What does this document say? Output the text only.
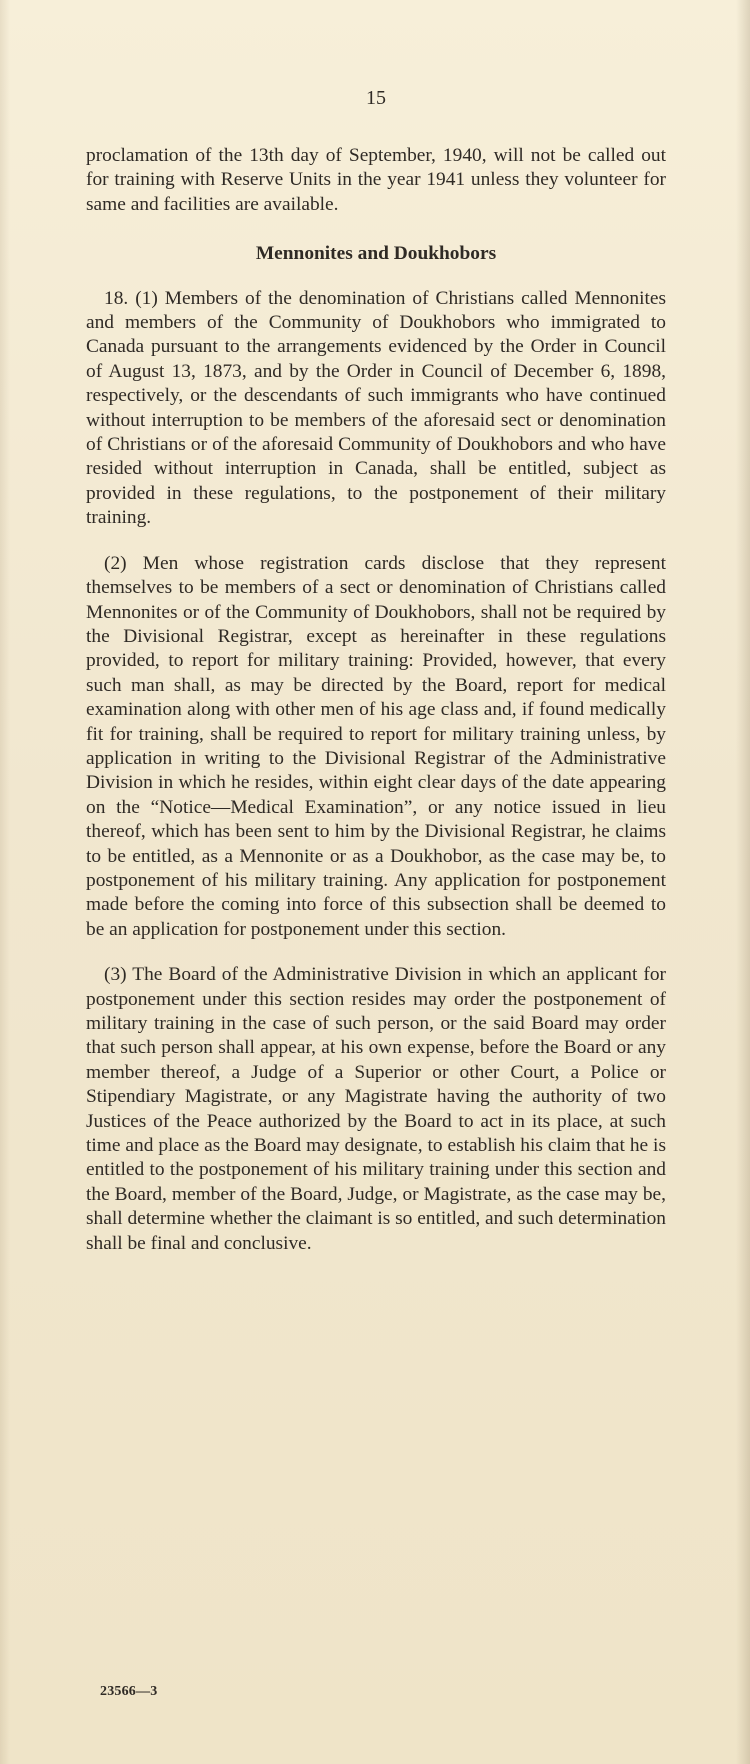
15

proclamation of the 13th day of September, 1940, will not be called out for training with Reserve Units in the year 1941 unless they volunteer for same and facilities are available.

Mennonites and Doukhobors

18. (1) Members of the denomination of Christians called Mennonites and members of the Community of Doukhobors who immigrated to Canada pursuant to the arrangements evidenced by the Order in Council of August 13, 1873, and by the Order in Council of December 6, 1898, respectively, or the descendants of such immigrants who have continued without interruption to be members of the aforesaid sect or denomination of Christians or of the aforesaid Community of Doukhobors and who have resided without interruption in Canada, shall be entitled, subject as provided in these regulations, to the postponement of their military training.

(2) Men whose registration cards disclose that they represent themselves to be members of a sect or denomination of Christians called Mennonites or of the Community of Doukhobors, shall not be required by the Divisional Registrar, except as hereinafter in these regulations provided, to report for military training: Provided, however, that every such man shall, as may be directed by the Board, report for medical examination along with other men of his age class and, if found medically fit for training, shall be required to report for military training unless, by application in writing to the Divisional Registrar of the Administrative Division in which he resides, within eight clear days of the date appearing on the “Notice—Medical Examination”, or any notice issued in lieu thereof, which has been sent to him by the Divisional Registrar, he claims to be entitled, as a Mennonite or as a Doukhobor, as the case may be, to postponement of his military training. Any application for postponement made before the coming into force of this subsection shall be deemed to be an application for postponement under this section.

(3) The Board of the Administrative Division in which an applicant for postponement under this section resides may order the postponement of military training in the case of such person, or the said Board may order that such person shall appear, at his own expense, before the Board or any member thereof, a Judge of a Superior or other Court, a Police or Stipendiary Magistrate, or any Magistrate having the authority of two Justices of the Peace authorized by the Board to act in its place, at such time and place as the Board may designate, to establish his claim that he is entitled to the postponement of his military training under this section and the Board, member of the Board, Judge, or Magistrate, as the case may be, shall determine whether the claimant is so entitled, and such determination shall be final and conclusive.

23566—3
